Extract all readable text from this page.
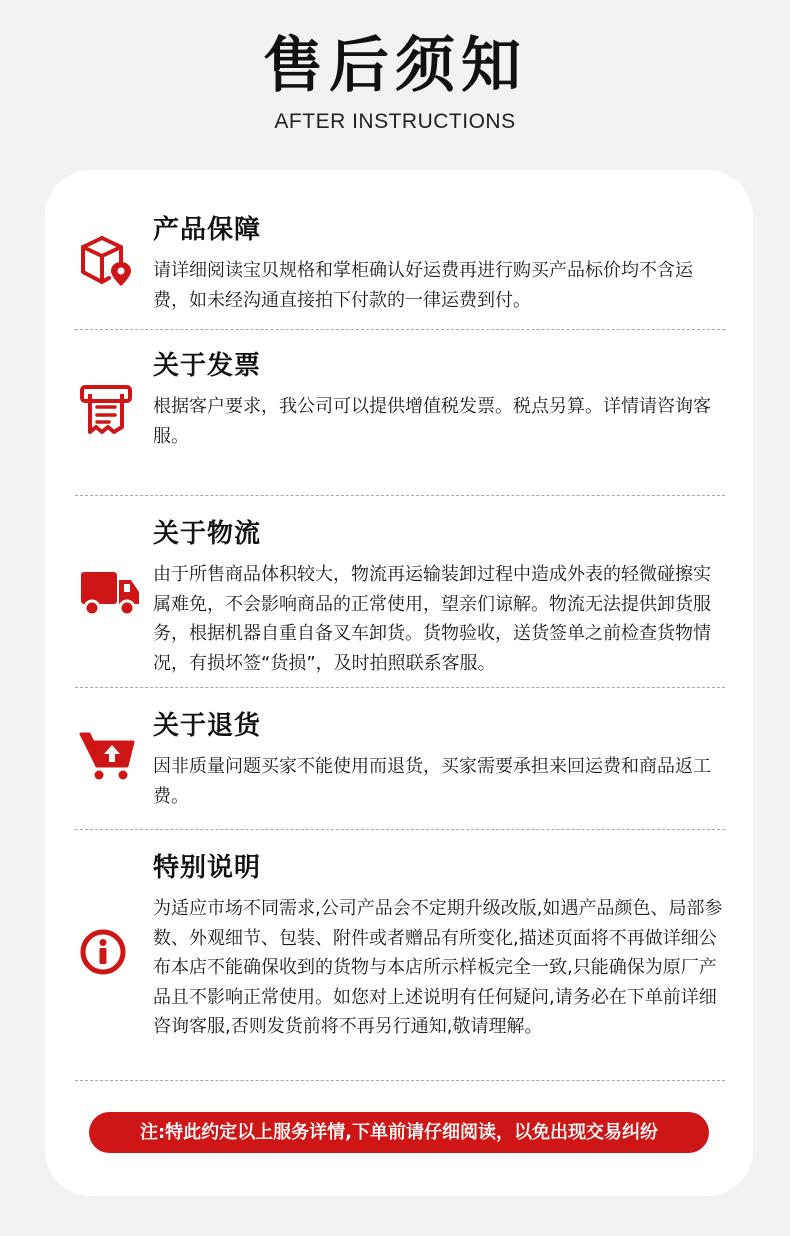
售后须知
AFTER INSTRUCTIONS
产品保障
请详细阅读宝贝规格和掌柜确认好运费再进行购买产品标价均不含运费，如未经沟通直接拍下付款的一律运费到付。
关于发票
根据客户要求，我公司可以提供增值税发票。税点另算。详情请咨询客服。
关于物流
由于所售商品体积较大，物流再运输装卸过程中造成外表的轻微碰擦实属难免，不会影响商品的正常使用，望亲们谅解。物流无法提供卸货服务，根据机器自重自备叉车卸货。货物验收，送货签单之前检查货物情况，有损坏签“货损”，及时拍照联系客服。
关于退货
因非质量问题买家不能使用而退货，买家需要承担来回运费和商品返工费。
特别说明
为适应市场不同需求,公司产品会不定期升级改版,如遇产品颜色、局部参数、外观细节、包装、附件或者赠品有所变化,描述页面将不再做详细公布本店不能确保收到的货物与本店所示样板完全一致,只能确保为原厂产品且不影响正常使用。如您对上述说明有任何疑问,请务必在下单前详细咨询客服,否则发货前将不再另行通知,敬请理解。
注:特此约定以上服务详情,下单前请仔细阅读，以免出现交易纠纷
